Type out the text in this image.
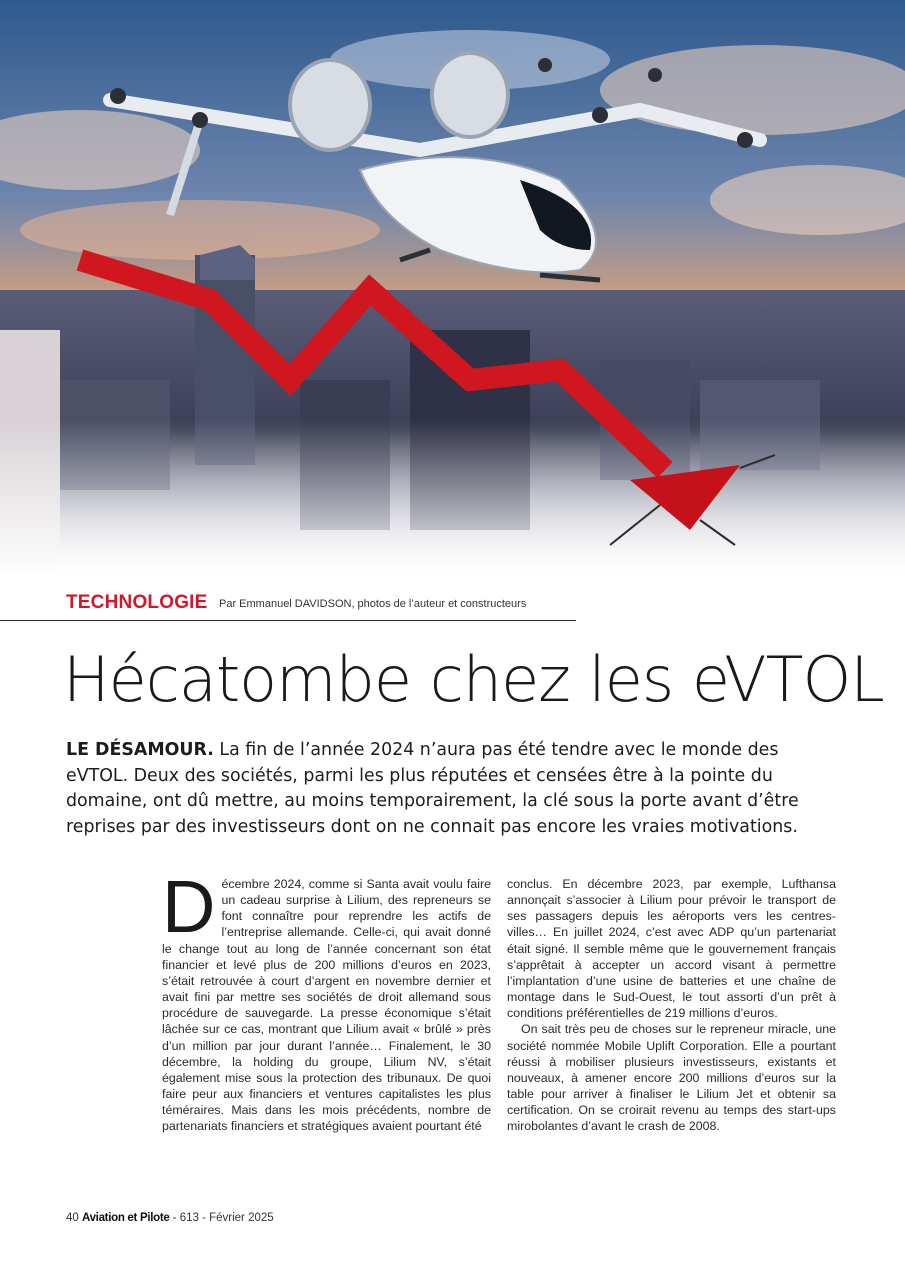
TECHNOLOGIE Par Emmanuel DAVIDSON, photos de l’auteur et constructeurs
Hécatombe chez les eVTOL
LE DÉSAMOUR. La fin de l’année 2024 n’aura pas été tendre avec le monde des eVTOL. Deux des sociétés, parmi les plus réputées et censées être à la pointe du domaine, ont dû mettre, au moins temporairement, la clé sous la porte avant d’être reprises par des investisseurs dont on ne connait pas encore les vraies motivations.
D écembre 2024, comme si Santa avait voulu faire un cadeau surprise à Lilium, des repreneurs se font connaître pour reprendre les actifs de l’entreprise allemande. Celle-ci, qui avait donné le change tout au long de l’année concernant son état financier et levé plus de 200 millions d’euros en 2023, s’était retrouvée à court d’argent en novembre dernier et avait fini par mettre ses sociétés de droit allemand sous procédure de sauvegarde. La presse économique s’était lâchée sur ce cas, montrant que Lilium avait « brûlé » près d’un million par jour durant l’année… Finalement, le 30 décembre, la holding du groupe, Lilium NV, s’était également mise sous la protection des tribunaux. De quoi faire peur aux financiers et ventures capitalistes les plus téméraires. Mais dans les mois précédents, nombre de partenariats financiers et stratégiques avaient pourtant été

conclus. En décembre 2023, par exemple, Lufthansa annonçait s’associer à Lilium pour prévoir le transport de ses passagers depuis les aéroports vers les centres-villes… En juillet 2024, c’est avec ADP qu’un partenariat était signé. Il semble même que le gouvernement français s’apprêtait à accepter un accord visant à permettre l’implantation d’une usine de batteries et une chaîne de montage dans le Sud-Ouest, le tout assorti d’un prêt à conditions préférentielles de 219 millions d’euros.

On sait très peu de choses sur le repreneur miracle, une société nommée Mobile Uplift Corporation. Elle a pourtant réussi à mobiliser plusieurs investisseurs, existants et nouveaux, à amener encore 200 millions d’euros sur la table pour arriver à finaliser le Lilium Jet et obtenir sa certification. On se croirait revenu au temps des start-ups mirobolantes d’avant le crash de 2008.

40 Aviation et Pilote - 613 - Février 2025
